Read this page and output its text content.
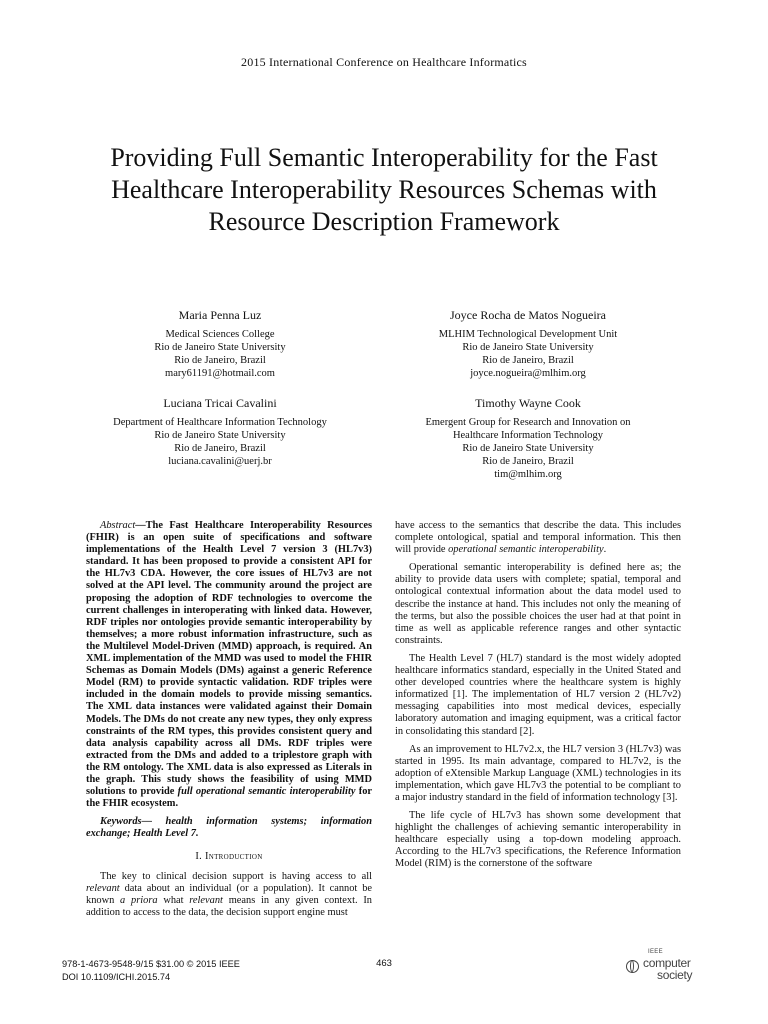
2015 International Conference on Healthcare Informatics
Providing Full Semantic Interoperability for the Fast
Healthcare Interoperability Resources Schemas with
Resource Description Framework
Maria Penna Luz
Medical Sciences College
Rio de Janeiro State University
Rio de Janeiro, Brazil
mary61191@hotmail.com
Joyce Rocha de Matos Nogueira
MLHIM Technological Development Unit
Rio de Janeiro State University
Rio de Janeiro, Brazil
joyce.nogueira@mlhim.org
Luciana Tricai Cavalini
Department of Healthcare Information Technology
Rio de Janeiro State University
Rio de Janeiro, Brazil
luciana.cavalini@uerj.br
Timothy Wayne Cook
Emergent Group for Research and Innovation on
Healthcare Information Technology
Rio de Janeiro State University
Rio de Janeiro, Brazil
tim@mlhim.org

Abstract—The Fast Healthcare Interoperability Resources (FHIR) is an open suite of specifications and software implementations of the Health Level 7 version 3 (HL7v3) standard. It has been proposed to provide a consistent API for the HL7v3 CDA. However, the core issues of HL7v3 are not solved at the API level. The community around the project are proposing the adoption of RDF technologies to overcome the current challenges in interoperating with linked data. However, RDF triples nor ontologies provide semantic interoperability by themselves; a more robust information infrastructure, such as the Multilevel Model-Driven (MMD) approach, is required. An XML implementation of the MMD was used to model the FHIR Schemas as Domain Models (DMs) against a generic Reference Model (RM) to provide syntactic validation. RDF triples were included in the domain models to provide missing semantics. The XML data instances were validated against their Domain Models. The DMs do not create any new types, they only express constraints of the RM types, this provides consistent query and data analysis capability across all DMs. RDF triples were extracted from the DMs and added to a triplestore graph with the RM ontology. The XML data is also expressed as Literals in the graph. This study shows the feasibility of using MMD solutions to provide full operational semantic interoperability for the FHIR ecosystem.

Keywords— health information systems; information exchange; Health Level 7.

I. Introduction

The key to clinical decision support is having access to all relevant data about an individual (or a population). It cannot be known a priora what relevant means in any given context. In addition to access to the data, the decision support engine must

have access to the semantics that describe the data. This includes complete ontological, spatial and temporal information. This then will provide operational semantic interoperability.

Operational semantic interoperability is defined here as; the ability to provide data users with complete; spatial, temporal and ontological contextual information about the data model used to describe the instance at hand. This includes not only the meaning of the terms, but also the possible choices the user had at that point in time as well as applicable reference ranges and other syntactic constraints.

The Health Level 7 (HL7) standard is the most widely adopted healthcare informatics standard, especially in the United Stated and other developed countries where the healthcare system is highly informatized [1]. The implementation of HL7 version 2 (HL7v2) messaging capabilities into most medical devices, especially laboratory automation and imaging equipment, was a critical factor in consolidating this standard [2].

As an improvement to HL7v2.x, the HL7 version 3 (HL7v3) was started in 1995. Its main advantage, compared to HL7v2, is the adoption of eXtensible Markup Language (XML) technologies in its implementation, which gave HL7v3 the potential to be compliant to a major industry standard in the field of information technology [3].

The life cycle of HL7v3 has shown some development that highlight the challenges of achieving semantic interoperability in healthcare especially using a top-down modeling approach. According to the HL7v3 specifications, the Reference Information Model (RIM) is the cornerstone of the software

978-1-4673-9548-9/15 $31.00 © 2015 IEEE
DOI 10.1109/ICHI.2015.74
463
IEEE
computer
society
